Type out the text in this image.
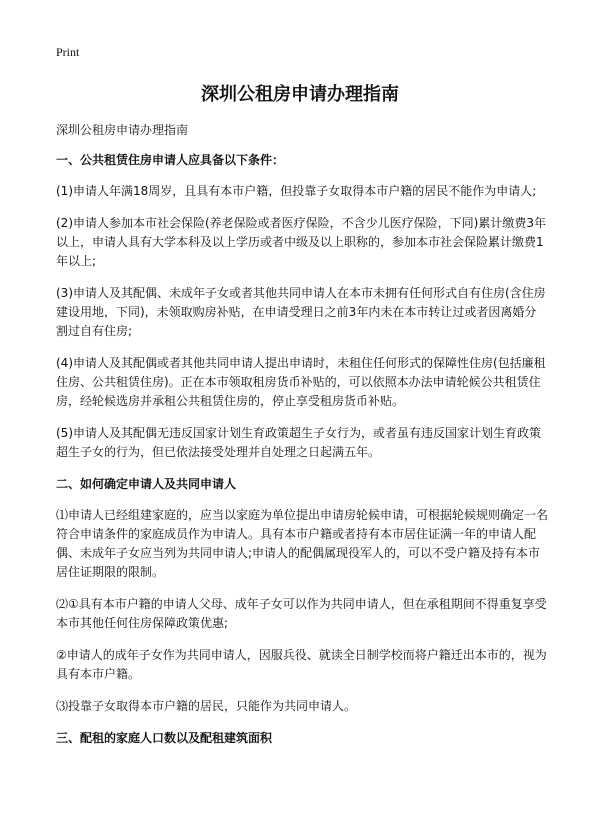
Print
深圳公租房申请办理指南

深圳公租房申请办理指南

一、公共租赁住房申请人应具备以下条件：

(1)申请人年满18周岁，且具有本市户籍，但投靠子女取得本市户籍的居民不能作为申请人;

(2)申请人参加本市社会保险(养老保险或者医疗保险，不含少儿医疗保险，下同)累计缴费3年以上，申请人具有大学本科及以上学历或者中级及以上职称的，参加本市社会保险累计缴费1年以上;

(3)申请人及其配偶、未成年子女或者其他共同申请人在本市未拥有任何形式自有住房(含住房建设用地，下同)，未领取购房补贴，在申请受理日之前3年内未在本市转让过或者因离婚分割过自有住房;

(4)申请人及其配偶或者其他共同申请人提出申请时，未租住任何形式的保障性住房(包括廉租住房、公共租赁住房)。正在本市领取租房货币补贴的，可以依照本办法申请轮候公共租赁住房，经轮候选房并承租公共租赁住房的，停止享受租房货币补贴。

(5)申请人及其配偶无违反国家计划生育政策超生子女行为，或者虽有违反国家计划生育政策超生子女的行为，但已依法接受处理并自处理之日起满五年。

二、如何确定申请人及共同申请人

⑴申请人已经组建家庭的，应当以家庭为单位提出申请房轮候申请，可根据轮候规则确定一名符合申请条件的家庭成员作为申请人。具有本市户籍或者持有本市居住证满一年的申请人配偶、未成年子女应当列为共同申请人;申请人的配偶属现役军人的，可以不受户籍及持有本市居住证期限的限制。

⑵①具有本市户籍的申请人父母、成年子女可以作为共同申请人，但在承租期间不得重复享受本市其他任何住房保障政策优惠;

②申请人的成年子女作为共同申请人，因服兵役、就读全日制学校而将户籍迁出本市的，视为具有本市户籍。

⑶投靠子女取得本市户籍的居民，只能作为共同申请人。

三、配租的家庭人口数以及配租建筑面积
